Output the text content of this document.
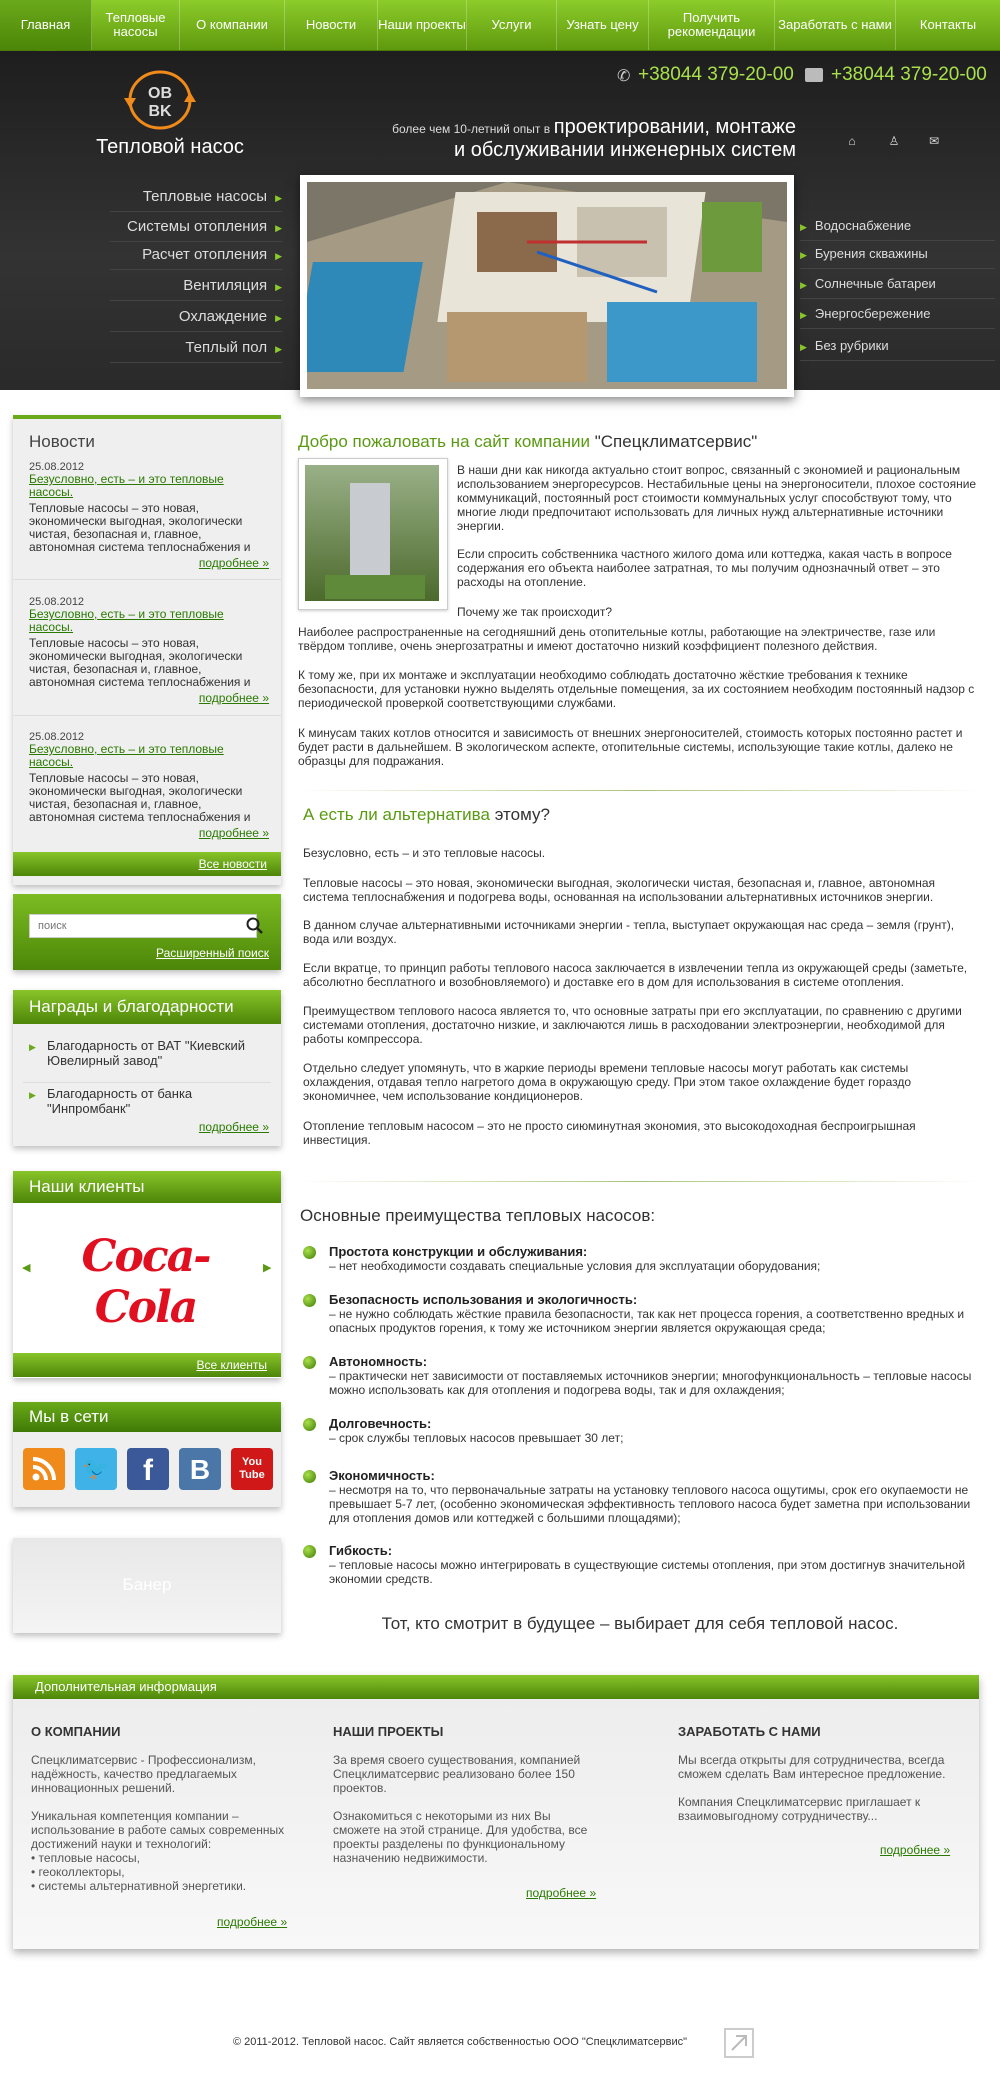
Главная	Тепловые насосы	О компании	Новости	Наши проекты	Услуги	Узнать цену	Получить рекомендации	Заработать с нами	Контакты
OB
BK
Тепловой насос
✆ +38044 379-20-00 +38044 379-20-00
более чем 10-летний опыт в проектировании, монтаже
и обслуживании инженерных систем	⌂	♙ ✉
Тепловые насосы ▶
Системы отопления ▶
Расчет отопления ▶
Вентиляция ▶
Охлаждение ▶
Теплый пол ▶
▶ Водоснабжение
▶ Бурения скважины
▶ Солнечные батареи
▶ Энергосбережение
▶ Без рубрики
Новости
25.08.2012
Безусловно, есть – и это тепловые насосы.
Тепловые насосы – это новая, экономически выгодная, экологически чистая, безопасная и, главное, автономная система теплоснабжения и
подробнее »
25.08.2012
Безусловно, есть – и это тепловые насосы.
Тепловые насосы – это новая, экономически выгодная, экологически чистая, безопасная и, главное, автономная система теплоснабжения и
подробнее »
25.08.2012
Безусловно, есть – и это тепловые насосы.
Тепловые насосы – это новая, экономически выгодная, экологически чистая, безопасная и, главное, автономная система теплоснабжения и
подробнее »
Все новости
поиск
Расширенный поиск
Награды и благодарности
▶ Благодарность от ВАТ "Киевский Ювелирный завод"
▶ Благодарность от банка "Инпромбанк"
подробнее »
Наши клиенты
◀	Coca-Cola
▶
Все клиенты
Мы в сети
🐦	f	B	You
Tube
Банер
Добро пожаловать на сайт компании "Спецклиматсервис"
В наши дни как никогда актуально стоит вопрос, связанный с экономией и рациональным использованием энергоресурсов. Нестабильные цены на энергоносители, плохое состояние коммуникаций, постоянный рост стоимости коммунальных услуг способствуют тому, что многие люди предпочитают использовать для личных нужд альтернативные источники энергии.
Если спросить собственника частного жилого дома или коттеджа, какая часть в вопросе содержания его объекта наиболее затратная, то мы получим однозначный ответ – это расходы на отопление.
Почему же так происходит?
Наиболее распространенные на сегодняшний день отопительные котлы, работающие на электричестве, газе или твёрдом топливе, очень энергозатратны и имеют достаточно низкий коэффициент полезного действия.
К тому же, при их монтаже и эксплуатации необходимо соблюдать достаточно жёсткие требования к технике безопасности, для установки нужно выделять отдельные помещения, за их состоянием необходим постоянный надзор с периодической проверкой соответствующими службами.
К минусам таких котлов относится и зависимость от внешних энергоносителей, стоимость которых постоянно растет и будет расти в дальнейшем. В экологическом аспекте, отопительные системы, использующие такие котлы, далеко не образцы для подражания.
А есть ли альтернатива этому?
Безусловно, есть – и это тепловые насосы.
Тепловые насосы – это новая, экономически выгодная, экологически чистая, безопасная и, главное, автономная система теплоснабжения и подогрева воды, основанная на использовании альтернативных источников энергии.
В данном случае альтернативными источниками энергии - тепла, выступает окружающая нас среда – земля (грунт), вода или воздух.
Если вкратце, то принцип работы теплового насоса заключается в извлечении тепла из окружающей среды (заметьте, абсолютно бесплатного и возобновляемого) и доставке его в дом для использования в системе отопления.
Преимуществом теплового насоса является то, что основные затраты при его эксплуатации, по сравнению с другими системами отопления, достаточно низкие, и заключаются лишь в расходовании электроэнергии, необходимой для работы компрессора.
Отдельно следует упомянуть, что в жаркие периоды времени тепловые насосы могут работать как системы охлаждения, отдавая тепло нагретого дома в окружающую среду. При этом такое охлаждение будет гораздо экономичнее, чем использование кондиционеров.
Отопление тепловым насосом – это не просто сиюминутная экономия, это высокодоходная беспроигрышная инвестиция.
Основные преимущества тепловых насосов:
Простота конструкции и обслуживания:
– нет необходимости создавать специальные условия для эксплуатации оборудования;
Безопасность использования и экологичность:
– не нужно соблюдать жёсткие правила безопасности, так как нет процесса горения, а соответственно вредных и опасных продуктов горения, к тому же источником энергии является окружающая среда;
Автономность:
– практически нет зависимости от поставляемых источников энергии; многофункциональность – тепловые насосы можно использовать как для отопления и подогрева воды, так и для охлаждения;
Долговечность:
– срок службы тепловых насосов превышает 30 лет;
Экономичность:
– несмотря на то, что первоначальные затраты на установку теплового насоса ощутимы, срок его окупаемости не превышает 5-7 лет, (особенно экономическая эффективность теплового насоса будет заметна при использовании для отопления домов или коттеджей с большими площадями);
Гибкость:
– тепловые насосы можно интегрировать в существующие системы отопления, при этом достигнув значительной экономии средств.
Тот, кто смотрит в будущее – выбирает для себя тепловой насос.
Дополнительная информация
О КОМПАНИИ
Спецклиматсервис - Профессионализм, надёжность, качество предлагаемых инновационных решений.
Уникальная компетенция компании – использование в работе самых современных достижений науки и технологий:
• тепловые насосы,
• геоколлекторы,
• системы альтернативной энергетики.
подробнее »
НАШИ ПРОЕКТЫ
За время своего существования, компанией Спецклиматсервис реализовано более 150 проектов.
Ознакомиться с некоторыми из них Вы сможете на этой странице. Для удобства, все проекты разделены по функциональному назначению недвижимости.
подробнее »
ЗАРАБОТАТЬ С НАМИ
Мы всегда открыты для сотрудничества, всегда сможем сделать Вам интересное предложение.
Компания Спецклиматсервис приглашает к взаимовыгодному сотрудничеству...
подробнее »
© 2011-2012. Тепловой насос. Сайт является собственностью ООО "Спецклиматсервис"
